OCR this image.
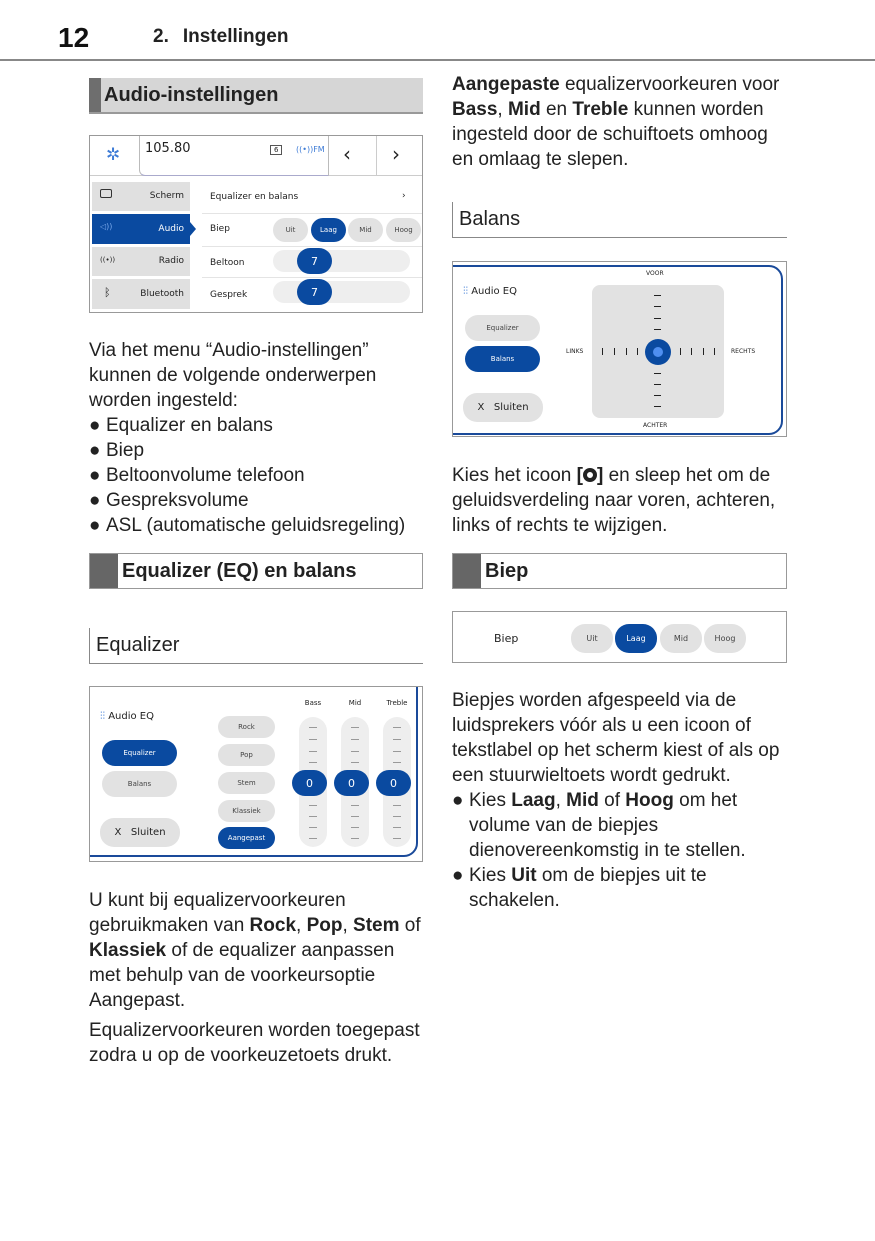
12	2. Instellingen
Audio-instellingen
✲ 105.80	6	((•))FM ‹ ›
Scherm
◁))	Audio
((•))	Radio
ᛒ	Bluetooth
Equalizer en balans	›
Biep	Uit	Laag	Mid	Hoog
Beltoon	7
Gesprek	7
Via het menu “Audio-instellingen” kunnen de volgende onderwerpen worden ingesteld:
● Equalizer en balans
● Biep
● Beltoonvolume telefoon
● Gespreksvolume
● ASL (automatische geluidsregeling)
Equalizer (EQ) en balans
Equalizer
⫶⫶ Audio EQ
Equalizer
Balans
X
Sluiten
Rock
Pop
Stem
Klassiek
Aangepast
Bass
0
Mid
0
Treble
0
U kunt bij equalizervoorkeuren gebruikmaken van Rock, Pop, Stem of Klassiek of de equalizer aanpassen met behulp van de voorkeursoptie Aangepast.
Equalizervoorkeuren worden toegepast zodra u op de voorkeuzetoets drukt.
Aangepaste equalizervoorkeuren voor Bass, Mid en Treble kunnen worden ingesteld door de schuiftoets omhoog en omlaag te slepen.
Balans
⫶⫶ Audio EQ
Equalizer
Balans
X
Sluiten
VOOR
ACHTER
LINKS	RECHTS
Kies het icoon [ ] en sleep het om de geluidsverdeling naar voren, achteren, links of rechts te wijzigen.
Biep
Biep	Uit	Laag	Mid	Hoog
Biepjes worden afgespeeld via de luidsprekers vóór als u een icoon of tekstlabel op het scherm kiest of als op een stuurwieltoets wordt gedrukt.
● Kies Laag, Mid of Hoog om het volume van de biepjes dienovereenkomstig in te stellen.
● Kies Uit om de biepjes uit te schakelen.
